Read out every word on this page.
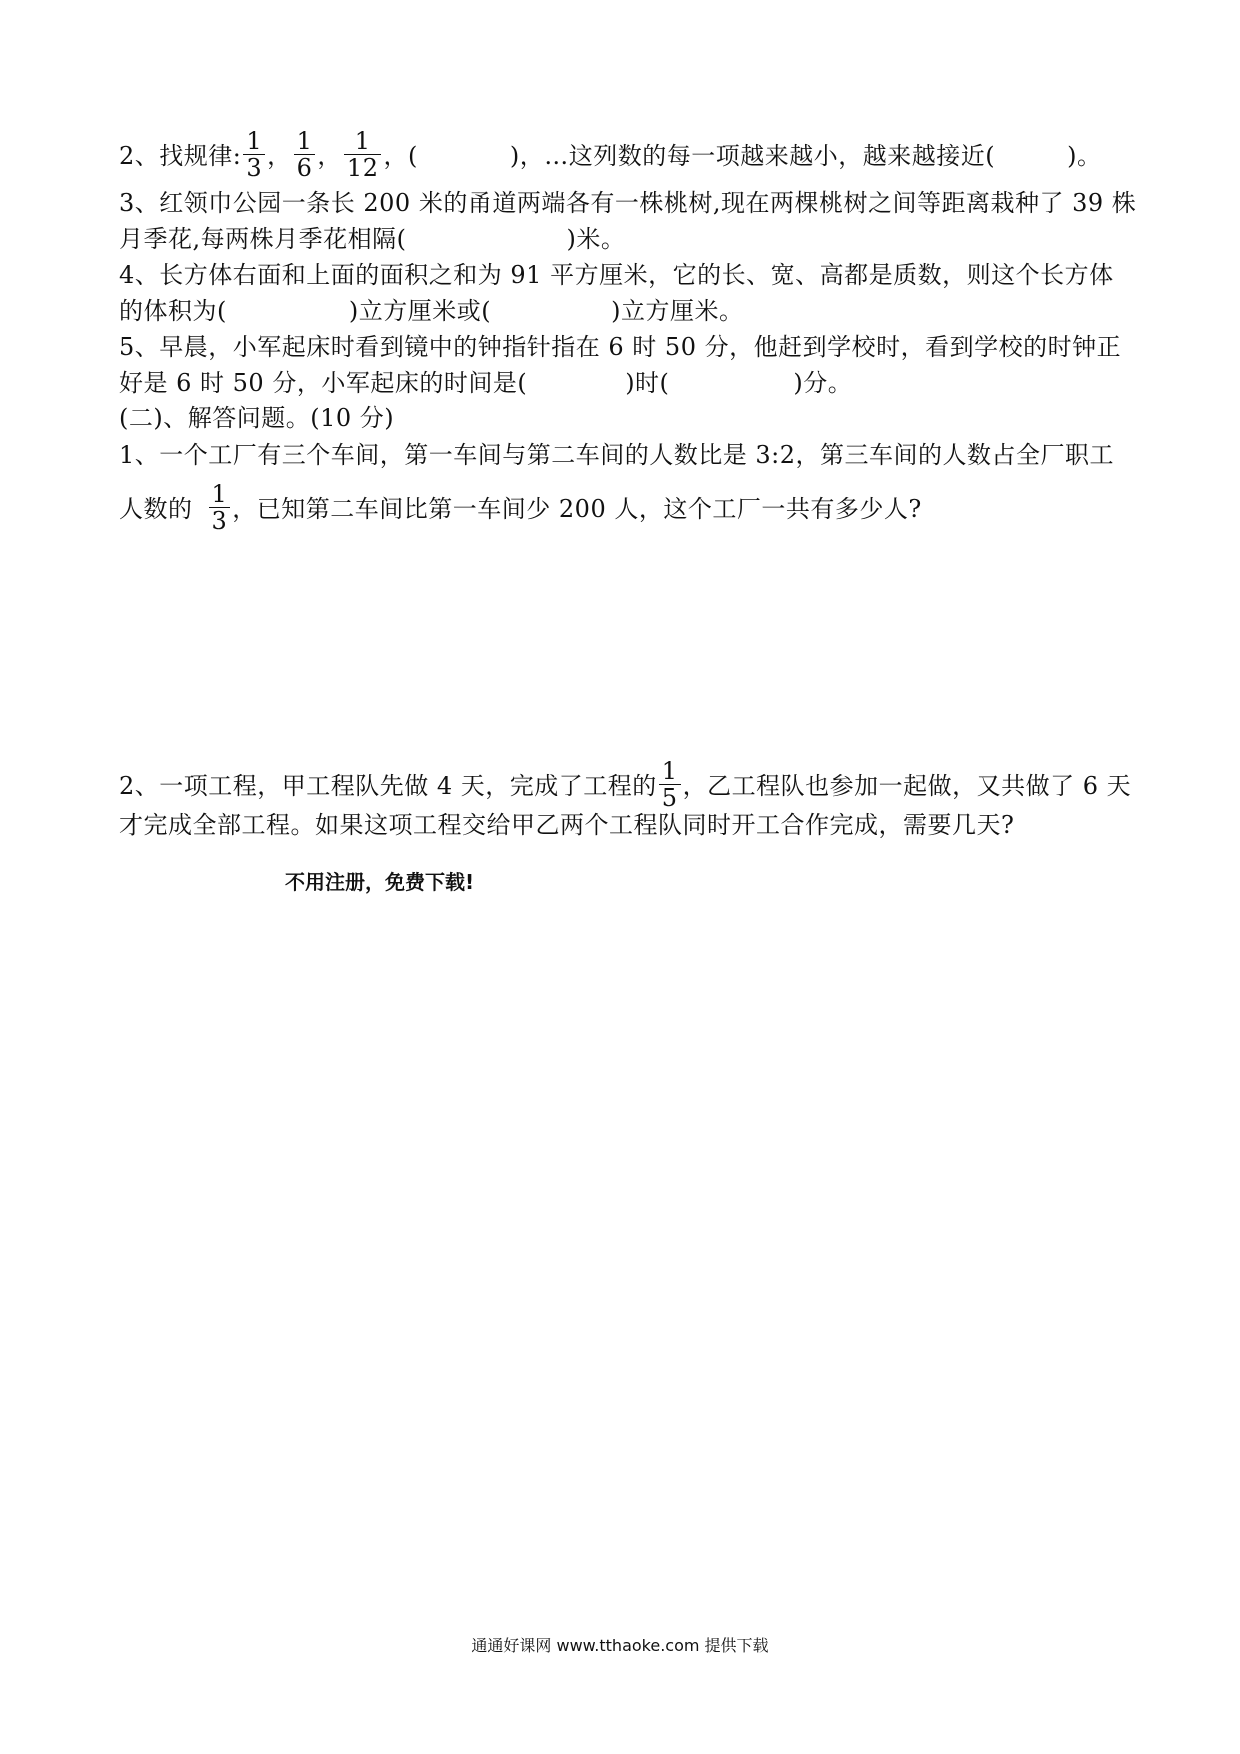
2、找规律: $\frac{1}{3}$ ， $\frac{1}{6}$ ， $\frac{1}{12}$ ，(	)，…这列数的每一项越来越小，越来越接近(	)。
3、红领巾公园一条长 200 米的甬道两端各有一株桃树,现在两棵桃树之间等距离栽种了 39 株
月季花,每两株月季花相隔(	)米。
4、长方体右面和上面的面积之和为 91 平方厘米，它的长、宽、高都是质数，则这个长方体
的体积为(	)立方厘米或(	)立方厘米。
5、早晨，小军起床时看到镜中的钟指针指在 6 时 50 分，他赶到学校时，看到学校的时钟正
好是 6 时 50 分，小军起床的时间是(	)时(	)分。
(二)、解答问题。(10 分)
1、一个工厂有三个车间，第一车间与第二车间的人数比是 3:2，第三车间的人数占全厂职工
人数的 $\frac{1}{3}$ ，已知第二车间比第一车间少 200 人，这个工厂一共有多少人?
2、一项工程，甲工程队先做 4 天，完成了工程的 $\frac{1}{5}$ ，乙工程队也参加一起做，又共做了 6 天
才完成全部工程。如果这项工程交给甲乙两个工程队同时开工合作完成，需要几天?
不用注册，免费下载!
通通好课网 www.tthaoke.com 提供下载
